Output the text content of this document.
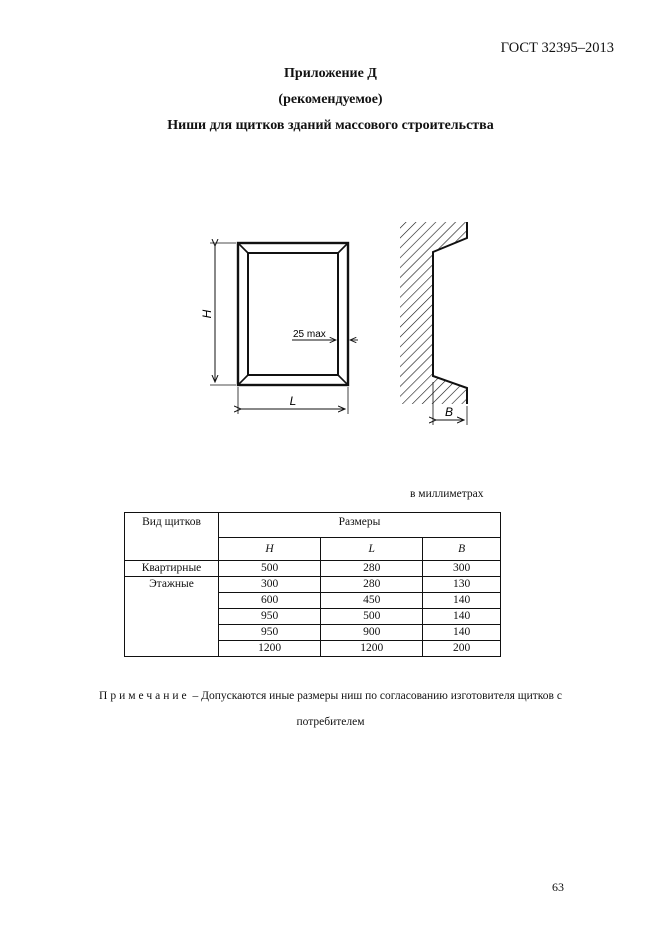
ГОСТ 32395–2013
Приложение Д
(рекомендуемое)
Ниши для щитков зданий массового строительства
H
L
25 max
B
в миллиметрах
Вид щитков	Размеры		
	H	L	B
Квартирные	500	280	300
Этажные	300	280	130
	600	450	140
	950	500	140
	950	900	140
	1200	1200	200
Примечание – Допускаются иные размеры ниш по согласованию изготовителя щитков с
потребителем
63
